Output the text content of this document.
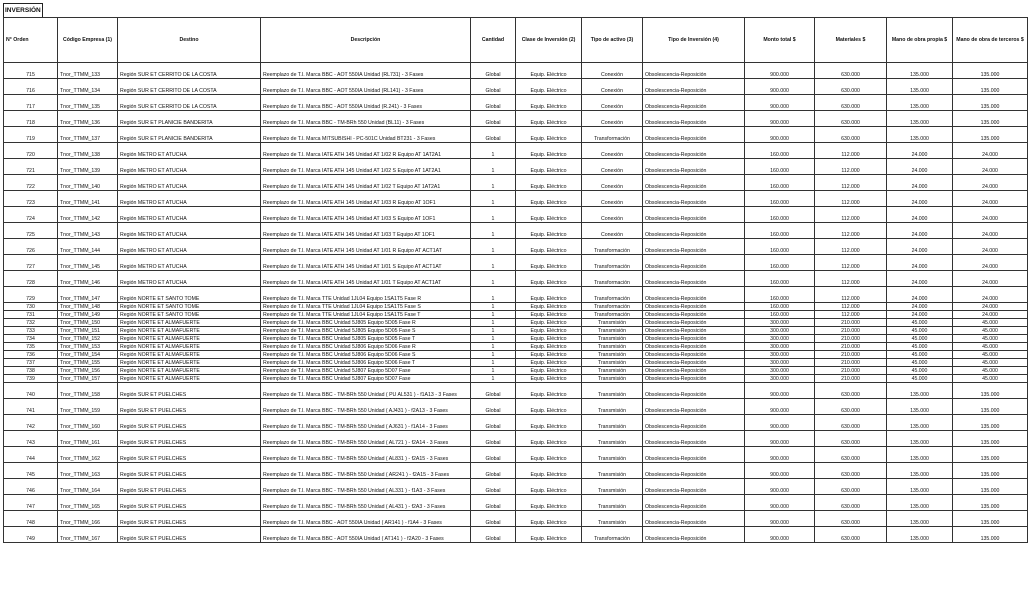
INVERSIÓN
N° Orden	Código Empresa (1)	Destino	Descripción	Cantidad	Clase de Inversión (2)	Tipo de activo (3)	Tipo de Inversión (4)	Monto total $	Materiales $	Mano de obra propia $	Mano de obra de terceros $
715	Tnor_TTMM_133	Región SUR ET CERRITO DE LA COSTA	Reemplazo de T.I. Marca BBC - AOT 550IA Unidad (RL731) - 3 Fases	Global	Equip. Eléctrico	Conexión	Obsolescencia-Reposición	900.000	630.000	135.000	135.000
716	Tnor_TTMM_134	Región SUR ET CERRITO DE LA COSTA	Reemplazo de T.I. Marca BBC - AOT 550IA Unidad (RL141) - 3 Fases	Global	Equip. Eléctrico	Conexión	Obsolescencia-Reposición	900.000	630.000	135.000	135.000
717	Tnor_TTMM_135	Región SUR ET CERRITO DE LA COSTA	Reemplazo de T.I. Marca BBC - AOT 550IA Unidad (R.241) - 3 Fases	Global	Equip. Eléctrico	Conexión	Obsolescencia-Reposición	900.000	630.000	135.000	135.000
718	Tnor_TTMM_136	Región SUR ET PLANICIE BANDERITA	Reemplazo de T.I. Marca BBC - TM-BRh 550 Unidad (BL11) - 3 Fases	Global	Equip. Eléctrico	Conexión	Obsolescencia-Reposición	900.000	630.000	135.000	135.000
719	Tnor_TTMM_137	Región SUR ET PLANICIE BANDERITA	Reemplazo de T.I. Marca MITSUBISHI - PC-501C Unidad BT231 - 3 Fases	Global	Equip. Eléctrico	Transformación	Obsolescencia-Reposición	900.000	630.000	135.000	135.000
720	Tnor_TTMM_138	Región METRO ET ATUCHA	Reemplazo de T.I. Marca IATE ATH 145 Unidad AT 1/02 R Equipo AT 1AT2A1	1	Equip. Eléctrico	Conexión	Obsolescencia-Reposición	160.000	112.000	24.000	24.000
721	Tnor_TTMM_139	Región METRO ET ATUCHA	Reemplazo de T.I. Marca IATE ATH 145 Unidad AT 1/02 S Equipo AT 1AT2A1	1	Equip. Eléctrico	Conexión	Obsolescencia-Reposición	160.000	112.000	24.000	24.000
722	Tnor_TTMM_140	Región METRO ET ATUCHA	Reemplazo de T.I. Marca IATE ATH 145 Unidad AT 1/02 T Equipo AT 1AT2A1	1	Equip. Eléctrico	Conexión	Obsolescencia-Reposición	160.000	112.000	24.000	24.000
723	Tnor_TTMM_141	Región METRO ET ATUCHA	Reemplazo de T.I. Marca IATE ATH 145 Unidad AT 1/03 R Equipo AT 1OF1	1	Equip. Eléctrico	Conexión	Obsolescencia-Reposición	160.000	112.000	24.000	24.000
724	Tnor_TTMM_142	Región METRO ET ATUCHA	Reemplazo de T.I. Marca IATE ATH 145 Unidad AT 1/03 S Equipo AT 1OF1	1	Equip. Eléctrico	Conexión	Obsolescencia-Reposición	160.000	112.000	24.000	24.000
725	Tnor_TTMM_143	Región METRO ET ATUCHA	Reemplazo de T.I. Marca IATE ATH 145 Unidad AT 1/03 T Equipo AT 1OF1	1	Equip. Eléctrico	Conexión	Obsolescencia-Reposición	160.000	112.000	24.000	24.000
726	Tnor_TTMM_144	Región METRO ET ATUCHA	Reemplazo de T.I. Marca IATE ATH 145 Unidad AT 1/01 R Equipo AT ACT1AT	1	Equip. Eléctrico	Transformación	Obsolescencia-Reposición	160.000	112.000	24.000	24.000
727	Tnor_TTMM_145	Región METRO ET ATUCHA	Reemplazo de T.I. Marca IATE ATH 145 Unidad AT 1/01 S Equipo AT ACT1AT	1	Equip. Eléctrico	Transformación	Obsolescencia-Reposición	160.000	112.000	24.000	24.000
728	Tnor_TTMM_146	Región METRO ET ATUCHA	Reemplazo de T.I. Marca IATE ATH 145 Unidad AT 1/01 T Equipo AT ACT1AT	1	Equip. Eléctrico	Transformación	Obsolescencia-Reposición	160.000	112.000	24.000	24.000
729	Tnor_TTMM_147	Región NORTE ET SANTO TOME	Reemplazo de T.I. Marca TTE Unidad 1JL04 Equipo 1SA1T5 Fase R	1	Equip. Eléctrico	Transformación	Obsolescencia-Reposición	160.000	112.000	24.000	24.000
730	Tnor_TTMM_148	Región NORTE ET SANTO TOME	Reemplazo de T.I. Marca TTE Unidad 1JL04 Equipo 1SA1T5 Fase S	1	Equip. Eléctrico	Transformación	Obsolescencia-Reposición	160.000	112.000	24.000	24.000
731	Tnor_TTMM_149	Región NORTE ET SANTO TOME	Reemplazo de T.I. Marca TTE Unidad 1JL04 Equipo 1SA1T5 Fase T	1	Equip. Eléctrico	Transformación	Obsolescencia-Reposición	160.000	112.000	24.000	24.000
732	Tnor_TTMM_150	Región NORTE ET ALMAFUERTE	Reemplazo de T.I. Marca BBC Unidad 5J805 Equipo 5D05 Fase R	1	Equip. Eléctrico	Transmisión	Obsolescencia-Reposición	300.000	210.000	45.000	45.000
733	Tnor_TTMM_151	Región NORTE ET ALMAFUERTE	Reemplazo de T.I. Marca BBC Unidad 5J805 Equipo 5D05 Fase S	1	Equip. Eléctrico	Transmisión	Obsolescencia-Reposición	300.000	210.000	45.000	45.000
734	Tnor_TTMM_152	Región NORTE ET ALMAFUERTE	Reemplazo de T.I. Marca BBC Unidad 5J805 Equipo 5D05 Fase T	1	Equip. Eléctrico	Transmisión	Obsolescencia-Reposición	300.000	210.000	45.000	45.000
735	Tnor_TTMM_153	Región NORTE ET ALMAFUERTE	Reemplazo de T.I. Marca BBC Unidad 5J806 Equipo 5D06 Fase R	1	Equip. Eléctrico	Transmisión	Obsolescencia-Reposición	300.000	210.000	45.000	45.000
736	Tnor_TTMM_154	Región NORTE ET ALMAFUERTE	Reemplazo de T.I. Marca BBC Unidad 5J806 Equipo 5D06 Fase S	1	Equip. Eléctrico	Transmisión	Obsolescencia-Reposición	300.000	210.000	45.000	45.000
737	Tnor_TTMM_155	Región NORTE ET ALMAFUERTE	Reemplazo de T.I. Marca BBC Unidad 5J806 Equipo 5D06 Fase T	1	Equip. Eléctrico	Transmisión	Obsolescencia-Reposición	300.000	210.000	45.000	45.000
738	Tnor_TTMM_156	Región NORTE ET ALMAFUERTE	Reemplazo de T.I. Marca BBC Unidad 5J807 Equipo 5D07 Fase	1	Equip. Eléctrico	Transmisión	Obsolescencia-Reposición	300.000	210.000	45.000	45.000
739	Tnor_TTMM_157	Región NORTE ET ALMAFUERTE	Reemplazo de T.I. Marca BBC Unidad 5J807 Equipo 5D07 Fase	1	Equip. Eléctrico	Transmisión	Obsolescencia-Reposición	300.000	210.000	45.000	45.000
740	Tnor_TTMM_158	Región SUR ET PUELCHES	Reemplazo de T.I. Marca BBC - TM-BRh 550 Unidad ( PU AL531 ) - f1A13 - 3 Fases	Global	Equip. Eléctrico	Transmisión	Obsolescencia-Reposición	900.000	630.000	135.000	135.000
741	Tnor_TTMM_159	Región SUR ET PUELCHES	Reemplazo de T.I. Marca BBC - TM-BRh 550 Unidad ( AJ431 ) - f2A13 - 3 Fases	Global	Equip. Eléctrico	Transmisión	Obsolescencia-Reposición	900.000	630.000	135.000	135.000
742	Tnor_TTMM_160	Región SUR ET PUELCHES	Reemplazo de T.I. Marca BBC - TM-BRh 550 Unidad ( AJ631 ) - f1A14 - 3 Fases	Global	Equip. Eléctrico	Transmisión	Obsolescencia-Reposición	900.000	630.000	135.000	135.000
743	Tnor_TTMM_161	Región SUR ET PUELCHES	Reemplazo de T.I. Marca BBC - TM-BRh 550 Unidad ( AL721 ) - f2A14 - 3 Fases	Global	Equip. Eléctrico	Transmisión	Obsolescencia-Reposición	900.000	630.000	135.000	135.000
744	Tnor_TTMM_162	Región SUR ET PUELCHES	Reemplazo de T.I. Marca BBC - TM-BRh 550 Unidad ( AL831 ) - f2A15 - 3 Fases	Global	Equip. Eléctrico	Transmisión	Obsolescencia-Reposición	900.000	630.000	135.000	135.000
745	Tnor_TTMM_163	Región SUR ET PUELCHES	Reemplazo de T.I. Marca BBC - TM-BRh 550 Unidad ( AR241 ) - f2A15 - 3 Fases	Global	Equip. Eléctrico	Transmisión	Obsolescencia-Reposición	900.000	630.000	135.000	135.000
746	Tnor_TTMM_164	Región SUR ET PUELCHES	Reemplazo de T.I. Marca BBC - TM-BRh 550 Unidad ( AL331 ) - f1A3 - 3 Fases	Global	Equip. Eléctrico	Transmisión	Obsolescencia-Reposición	900.000	630.000	135.000	135.000
747	Tnor_TTMM_165	Región SUR ET PUELCHES	Reemplazo de T.I. Marca BBC - TM-BRh 550 Unidad ( AL431 ) - f2A3 - 3 Fases	Global	Equip. Eléctrico	Transmisión	Obsolescencia-Reposición	900.000	630.000	135.000	135.000
748	Tnor_TTMM_166	Región SUR ET PUELCHES	Reemplazo de T.I. Marca BBC - AOT 550IA Unidad ( AR141 ) - f1A4 - 3 Fases	Global	Equip. Eléctrico	Transmisión	Obsolescencia-Reposición	900.000	630.000	135.000	135.000
749	Tnor_TTMM_167	Región SUR ET PUELCHES	Reemplazo de T.I. Marca BBC - AOT 550IA Unidad ( AT141 ) - f2A20 - 3 Fases	Global	Equip. Eléctrico	Transformación	Obsolescencia-Reposición	900.000	630.000	135.000	135.000
